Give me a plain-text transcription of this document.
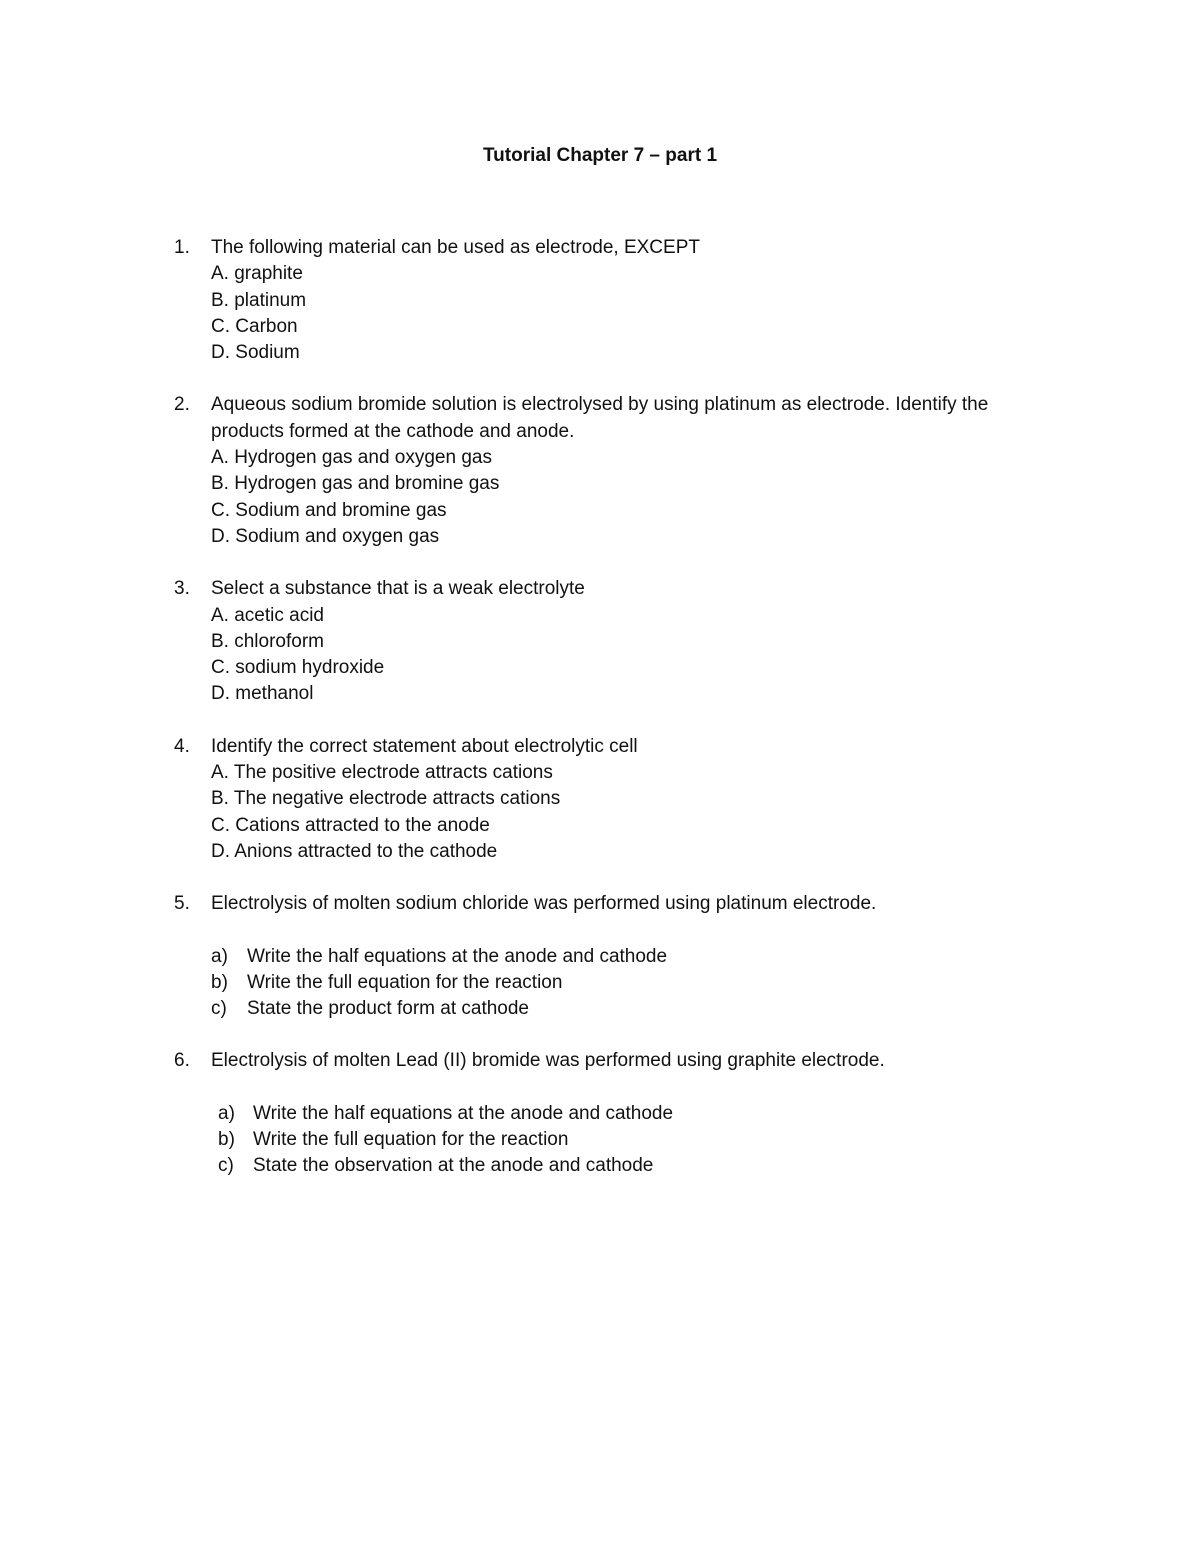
Tutorial Chapter 7 – part 1
1. The following material can be used as electrode, EXCEPT
A. graphite
B. platinum
C. Carbon
D. Sodium
2. Aqueous sodium bromide solution is electrolysed by using platinum as electrode. Identify the products formed at the cathode and anode.
A. Hydrogen gas and oxygen gas
B. Hydrogen gas and bromine gas
C. Sodium and bromine gas
D. Sodium and oxygen gas
3. Select a substance that is a weak electrolyte
A. acetic acid
B. chloroform
C. sodium hydroxide
D. methanol
4. Identify the correct statement about electrolytic cell
A. The positive electrode attracts cations
B. The negative electrode attracts cations
C. Cations attracted to the anode
D. Anions attracted to the cathode
5. Electrolysis of molten sodium chloride was performed using platinum electrode.
a) Write the half equations at the anode and cathode
b) Write the full equation for the reaction
c) State the product form at cathode
6. Electrolysis of molten Lead (II) bromide was performed using graphite electrode.
a) Write the half equations at the anode and cathode
b) Write the full equation for the reaction
c) State the observation at the anode and cathode
